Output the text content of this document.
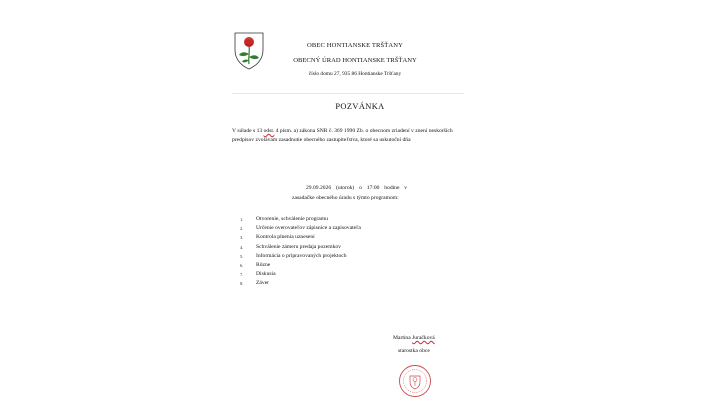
OBEC HONTIANSKE TRŠŤANY
OBECNÝ ÚRAD HONTIANSKE TRŠŤANY
číslo domu 27, 935 86 Hontianske Tršťany
POZVÁNKA
V súlade s 13 odst. 4 písm. a) zákona SNR č. 369 1990 Zb. o obecnom zriadení v znení neskorších predpisov zvolávam zasadnutie obecného zastupiteľstva, ktoré sa uskutoční dňa
29.09.2026 (utorok) o 17:00 hodine v
zasadačke obecného úradu s týmto programom:
1.	Otvorenie, schválenie programu
2.	Určenie overovateľov zápisnice a zapisovateľa
3.	Kontrola plnenia uznesení
4.	Schválenie zámeru predaja pozemkov
5.	Informácia o pripravovaných projektoch
6.	Rôzne
7.	Diskusia
8.	Záver
Martina Juračková
starostka obce
